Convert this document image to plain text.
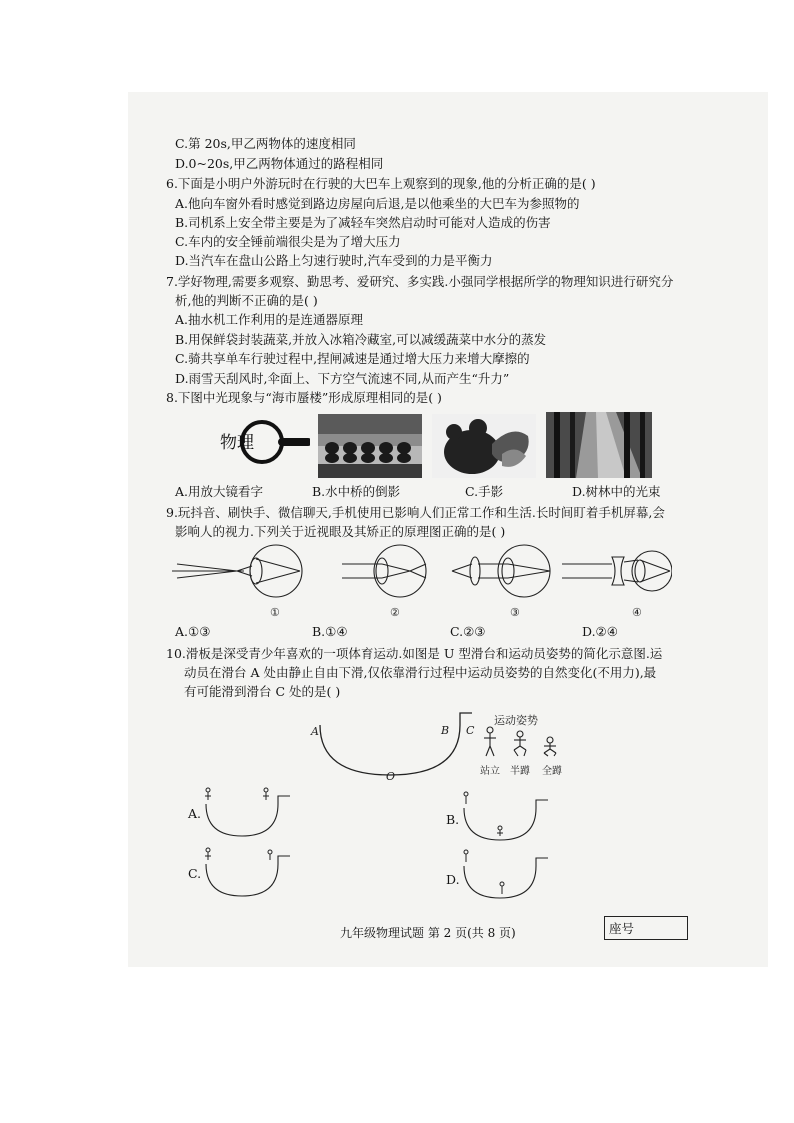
C.第 20s,甲乙两物体的速度相同
D.0~20s,甲乙两物体通过的路程相同
6.下面是小明户外游玩时在行驶的大巴车上观察到的现象,他的分析正确的是( )
A.他向车窗外看时感觉到路边房屋向后退,是以他乘坐的大巴车为参照物的
B.司机系上安全带主要是为了减轻车突然启动时可能对人造成的伤害
C.车内的安全锤前端很尖是为了增大压力
D.当汽车在盘山公路上匀速行驶时,汽车受到的力是平衡力
7.学好物理,需要多观察、勤思考、爱研究、多实践.小强同学根据所学的物理知识进行研究分
析,他的判断不正确的是( )
A.抽水机工作利用的是连通器原理
B.用保鲜袋封装蔬菜,并放入冰箱冷藏室,可以减缓蔬菜中水分的蒸发
C.骑共享单车行驶过程中,捏闸减速是通过增大压力来增大摩擦的
D.雨雪天刮风时,伞面上、下方空气流速不同,从而产生“升力”
8.下图中光现象与“海市蜃楼”形成原理相同的是( )
物理
A.用放大镜看字	B.水中桥的倒影	C.手影	D.树林中的光束
9.玩抖音、刷快手、微信聊天,手机使用已影响人们正常工作和生活.长时间盯着手机屏幕,会
影响人的视力.下列关于近视眼及其矫正的原理图正确的是( )
①	②	③	④
A.①③	B.①④	C.②③	D.②④
10.滑板是深受青少年喜欢的一项体育运动.如图是 U 型滑台和运动员姿势的简化示意图.运
动员在滑台 A 处由静止自由下滑,仅依靠滑行过程中运动员姿势的自然变化(不用力),最
有可能滑到滑台 C 处的是( )
A	B C
O
运动姿势
站立 半蹲 全蹲
A.	B.
C.	D.
九年级物理试题 第 2 页(共 8 页)	座号
